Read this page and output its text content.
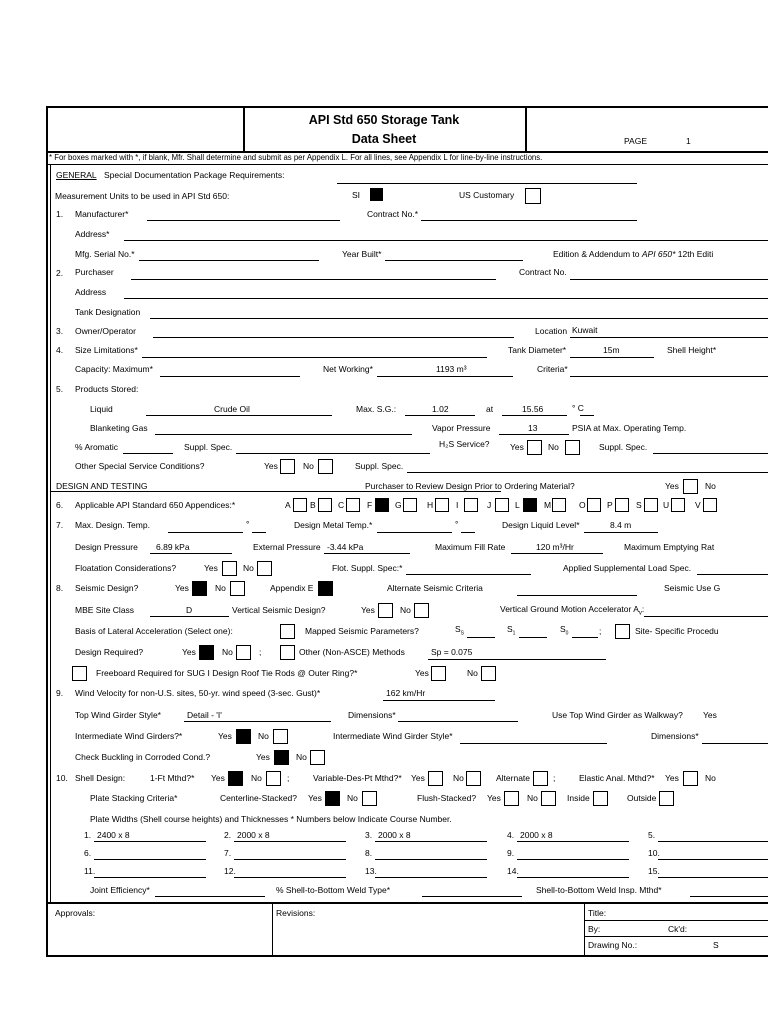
API Std 650 Storage Tank
Data Sheet	PAGE	1
* For boxes marked with *, if blank, Mfr. Shall determine and submit as per Appendix L. For all lines, see Appendix L for line-by-line instructions.
GENERAL Special Documentation Package Requirements:
Measurement Units to be used in API Std 650:	SI	US Customary
1. Manufacturer*	Contract No.*
Address*
Mfg. Serial No.*	Year Built*	Edition & Addendum to API 650* 12th Editi
2. Purchaser	Contract No.
Address
Tank Designation
3. Owner/Operator	Location Kuwait
4. Size Limitations*	Tank Diameter*	15m	Shell Height*
Capacity: Maximum*	Net Working*	1193 m³	Criteria*
5. Products Stored:
Liquid	Crude Oil	Max. S.G.:	1.02	at	15.56	° C
Blanketing Gas	Vapor Pressure	13	PSIA at Max. Operating Temp.
% Aromatic	Suppl. Spec.	H₂S Service? Yes	No	Suppl. Spec.
Other Special Service Conditions?	Yes	No	Suppl. Spec.
DESIGN AND TESTING	Purchaser to Review Design Prior to Ordering Material?	Yes	No
6. Applicable API Standard 650 Appendices:*	A B	C	F	G	H	I	J	L	M	O	P	S	U	V
7. Max. Design. Temp.	°	Design Metal Temp.*	°	Design Liquid Level*	8.4 m
Design Pressure 6.89 kPa	External Pressure -3.44 kPa	Maximum Fill Rate	120 m³/Hr	Maximum Emptying Rat
Floatation Considerations?	Yes	No	Flot. Suppl. Spec:*	Applied Supplemental Load Spec.
8. Seismic Design?	Yes	No	Appendix E	Alternate Seismic Criteria	Seismic Use G
MBE Site Class	D	Vertical Seismic Design?	Yes	No	Vertical Ground Motion Accelerator $A_v$:
Basis of Lateral Acceleration (Select one):	Mapped Seismic Parameters?	$S_S$	$S_1$	$S_0$	;	Site- Specific Procedu
Design Required?	Yes	No	;	Other (Non-ASCE) Methods	Sp = 0.075
Freeboard Required for SUG I Design Roof Tie Rods @ Outer Ring?*	Yes	No
9. Wind Velocity for non-U.S. sites, 50-yr. wind speed (3-sec. Gust)*	162 km/Hr
Top Wind Girder Style*	Detail - 'I'	Dimensions*	Use Top Wind Girder as Walkway? Yes
Intermediate Wind Girders?*	Yes	No	Intermediate Wind Girder Style*	Dimensions*
Check Buckling in Corroded Cond.?	Yes	No
10. Shell Design:	1-Ft Mthd?* Yes	No	;	Variable-Des-Pt Mthd?* Yes	No	Alternate	;	Elastic Anal. Mthd?* Yes	No
Plate Stacking Criteria*	Centerline-Stacked? Yes	No	Flush-Stacked? Yes	No	Inside	Outside
Plate Widths (Shell course heights) and Thicknesses * Numbers below Indicate Course Number.
1. 2400 x 8	2. 2000 x 8	3. 2000 x 8	4. 2000 x 8	5.
6.	7.	8.	9.	10.
11.	12.	13.	14.	15.
Joint Efficiency*	% Shell-to-Bottom Weld Type*	Shell-to-Bottom Weld Insp. Mthd*
Approvals:	Revisions:	Title:
By:	Ck'd:
Drawing No.:	S
